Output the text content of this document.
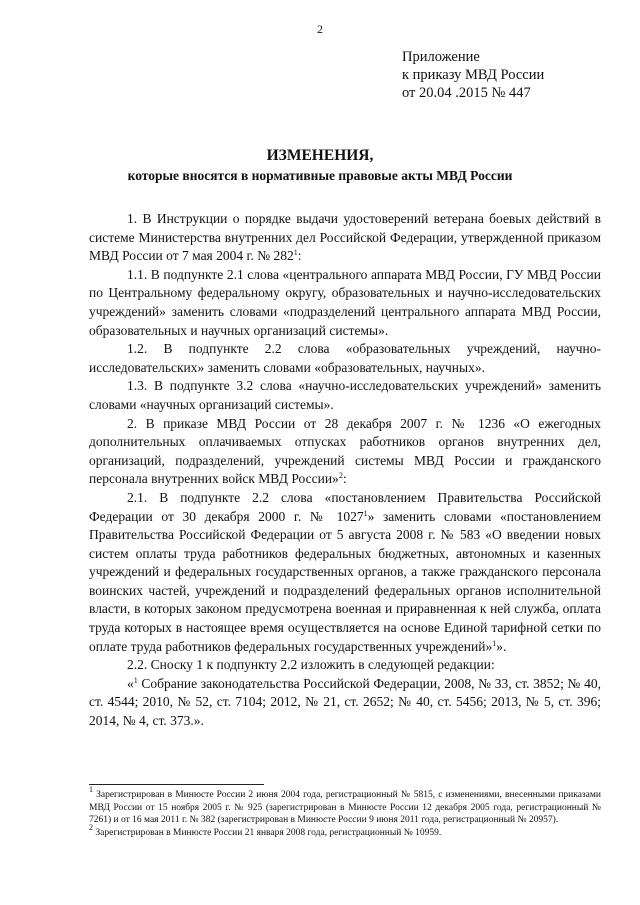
2
Приложение
к приказу МВД России
от 20.04 .2015 № 447
ИЗМЕНЕНИЯ,
которые вносятся в нормативные правовые акты МВД России

1. В Инструкции о порядке выдачи удостоверений ветерана боевых действий в системе Министерства внутренних дел Российской Федерации, утвержденной приказом МВД России от 7 мая 2004 г. № $282^1$:

1.1. В подпункте 2.1 слова «центрального аппарата МВД России, ГУ МВД России по Центральному федеральному округу, образовательных и научно-исследовательских учреждений» заменить словами «подразделений центрального аппарата МВД России, образовательных и научных организаций системы».

1.2. В подпункте 2.2 слова «образовательных учреждений, научно-исследовательских» заменить словами «образовательных, научных».

1.3. В подпункте 3.2 слова «научно-исследовательских учреждений» заменить словами «научных организаций системы».

2. В приказе МВД России от 28 декабря 2007 г. № 1236 «О ежегодных дополнительных оплачиваемых отпусках работников органов внутренних дел, организаций, подразделений, учреждений системы МВД России и гражданского персонала внутренних войск МВД России»$^2$:

2.1. В подпункте 2.2 слова «постановлением Правительства Российской Федерации от 30 декабря 2000 г. № 1027$^1$» заменить словами «постановлением Правительства Российской Федерации от 5 августа 2008 г. № 583 «О введении новых систем оплаты труда работников федеральных бюджетных, автономных и казенных учреждений и федеральных государственных органов, а также гражданского персонала воинских частей, учреждений и подразделений федеральных органов исполнительной власти, в которых законом предусмотрена военная и приравненная к ней служба, оплата труда которых в настоящее время осуществляется на основе Единой тарифной сетки по оплате труда работников федеральных государственных учреждений»$^1$».

2.2. Сноску 1 к подпункту 2.2 изложить в следующей редакции:

«$^1$ Собрание законодательства Российской Федерации, 2008, № 33, ст. 3852; № 40, ст. 4544; 2010, № 52, ст. 7104; 2012, № 21, ст. 2652; № 40, ст. 5456; 2013, № 5, ст. 396; 2014, № 4, ст. 373.».

$^1$ Зарегистрирован в Минюсте России 2 июня 2004 года, регистрационный № 5815, с изменениями, внесенными приказами МВД России от 15 ноября 2005 г. № 925 (зарегистрирован в Минюсте России 12 декабря 2005 года, регистрационный № 7261) и от 16 мая 2011 г. № 382 (зарегистрирован в Минюсте России 9 июня 2011 года, регистрационный № 20957).

$^2$ Зарегистрирован в Минюсте России 21 января 2008 года, регистрационный № 10959.
